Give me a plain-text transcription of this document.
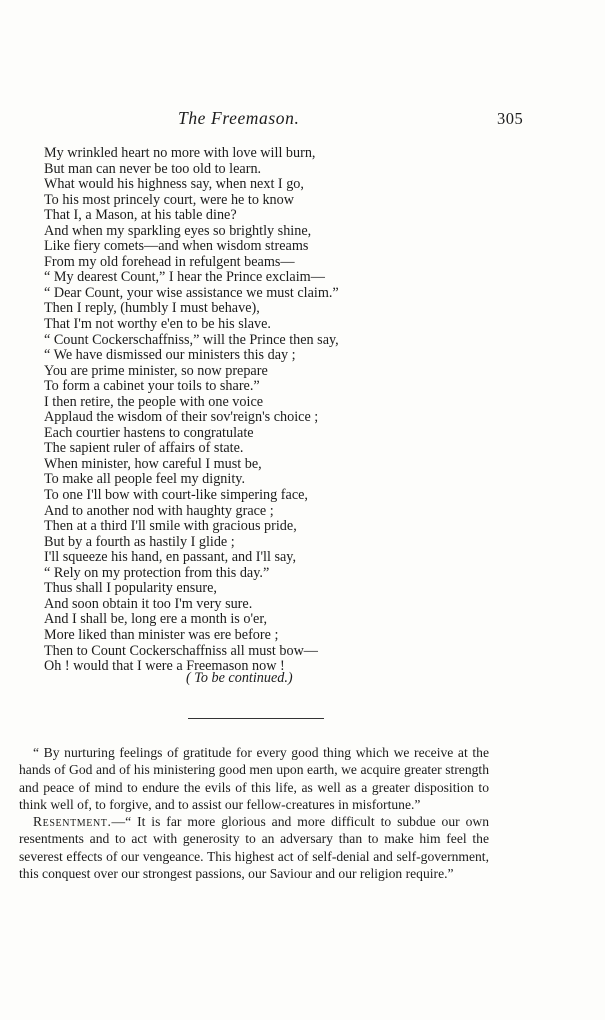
The Freemason.	305
My wrinkled heart no more with love will burn,
But man can never be too old to learn.
What would his highness say, when next I go,
To his most princely court, were he to know
That I, a Mason, at his table dine?
And when my sparkling eyes so brightly shine,
Like fiery comets—and when wisdom streams
From my old forehead in refulgent beams—
“ My dearest Count,” I hear the Prince exclaim—
“ Dear Count, your wise assistance we must claim.”
Then I reply, (humbly I must behave),
That I'm not worthy e'en to be his slave.
“ Count Cockerschaffniss,” will the Prince then say,
“ We have dismissed our ministers this day ;
You are prime minister, so now prepare
To form a cabinet your toils to share.”
I then retire, the people with one voice
Applaud the wisdom of their sov'reign's choice ;
Each courtier hastens to congratulate
The sapient ruler of affairs of state.
When minister, how careful I must be,
To make all people feel my dignity.
To one I'll bow with court-like simpering face,
And to another nod with haughty grace ;
Then at a third I'll smile with gracious pride,
But by a fourth as hastily I glide ;
I'll squeeze his hand, en passant, and I'll say,
“ Rely on my protection from this day.”
Thus shall I popularity ensure,
And soon obtain it too I'm very sure.
And I shall be, long ere a month is o'er,
More liked than minister was ere before ;
Then to Count Cockerschaffniss all must bow—
Oh ! would that I were a Freemason now !
( To be continued.)

“ By nurturing feelings of gratitude for every good thing which we receive at the hands of God and of his ministering good men upon earth, we acquire greater strength and peace of mind to endure the evils of this life, as well as a greater disposition to think well of, to forgive, and to assist our fellow-creatures in misfortune.”

Resentment.—“ It is far more glorious and more difficult to subdue our own resentments and to act with generosity to an adversary than to make him feel the severest effects of our vengeance. This highest act of self-denial and self-government, this conquest over our strongest passions, our Saviour and our religion require.”
